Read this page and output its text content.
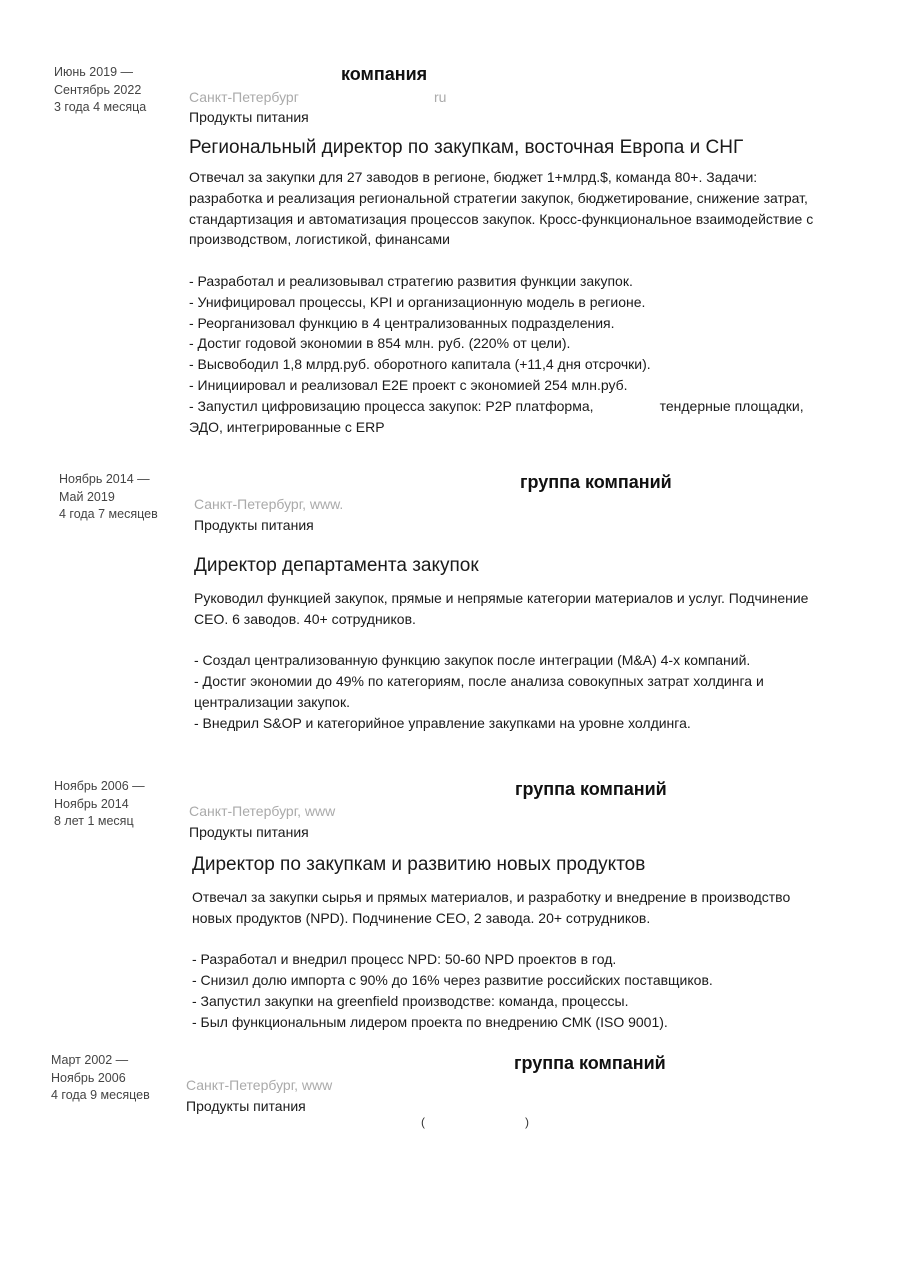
Июнь 2019 —
Сентябрь 2022
3 года 4 месяца
компания
Санкт-Петербург	ru
Продукты питания
Региональный директор по закупкам, восточная Европа и СНГ
Отвечал за закупки для 27 заводов в регионе, бюджет 1+млрд.$, команда 80+. Задачи:
разработка и реализация региональной стратегии закупок, бюджетирование, снижение затрат,
стандартизация и автоматизация процессов закупок. Кросс-функциональное взаимодействие с
производством, логистикой, финансами
- Разработал и реализовывал стратегию развития функции закупок.
- Унифицировал процессы, KPI и организационную модель в регионе.
- Реорганизовал функцию в 4 централизованных подразделения.
- Достиг годовой экономии в 854 млн. руб. (220% от цели).
- Высвободил 1,8 млрд.руб. оборотного капитала (+11,4 дня отсрочки).
- Инициировал и реализовал E2E проект с экономией 254 млн.руб.
- Запустил цифровизацию процесса закупок: P2P платформа,                 тендерные площадки,
ЭДО, интегрированные с ERP
Ноябрь 2014 —
Май 2019
4 года 7 месяцев
группа компаний
Санкт-Петербург, www.
Продукты питания
Директор департамента закупок
Руководил функцией закупок, прямые и непрямые категории материалов и услуг. Подчинение
CEO. 6 заводов. 40+ сотрудников.
- Создал централизованную функцию закупок после интеграции (M&A) 4-х компаний.
- Достиг экономии до 49% по категориям, после анализа совокупных затрат холдинга и
централизации закупок.
- Внедрил S&OP и категорийное управление закупками на уровне холдинга.
Ноябрь 2006 —
Ноябрь 2014
8 лет 1 месяц
группа компаний
Санкт-Петербург, www
Продукты питания
Директор по закупкам и развитию новых продуктов
Отвечал за закупки сырья и прямых материалов, и разработку и внедрение в производство
новых продуктов (NPD). Подчинение CEO, 2 завода. 20+ сотрудников.
- Разработал и внедрил процесс NPD: 50-60 NPD проектов в год.
- Снизил долю импорта с 90% до 16% через развитие российских поставщиков.
- Запустил закупки на greenfield производстве: команда, процессы.
- Был функциональным лидером проекта по внедрению СМК (ISO 9001).
Март 2002 —
Ноябрь 2006
4 года 9 месяцев
группа компаний
Санкт-Петербург, www
Продукты питания
(	)
